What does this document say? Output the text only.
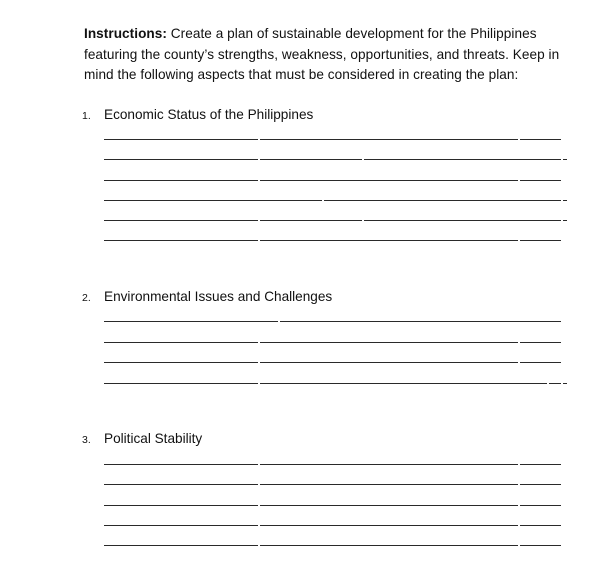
Instructions: Create a plan of sustainable development for the Philippines featuring the county’s strengths, weakness, opportunities, and threats. Keep in mind the following aspects that must be considered in creating the plan:
1. Economic Status of the Philippines
2. Environmental Issues and Challenges
3. Political Stability
